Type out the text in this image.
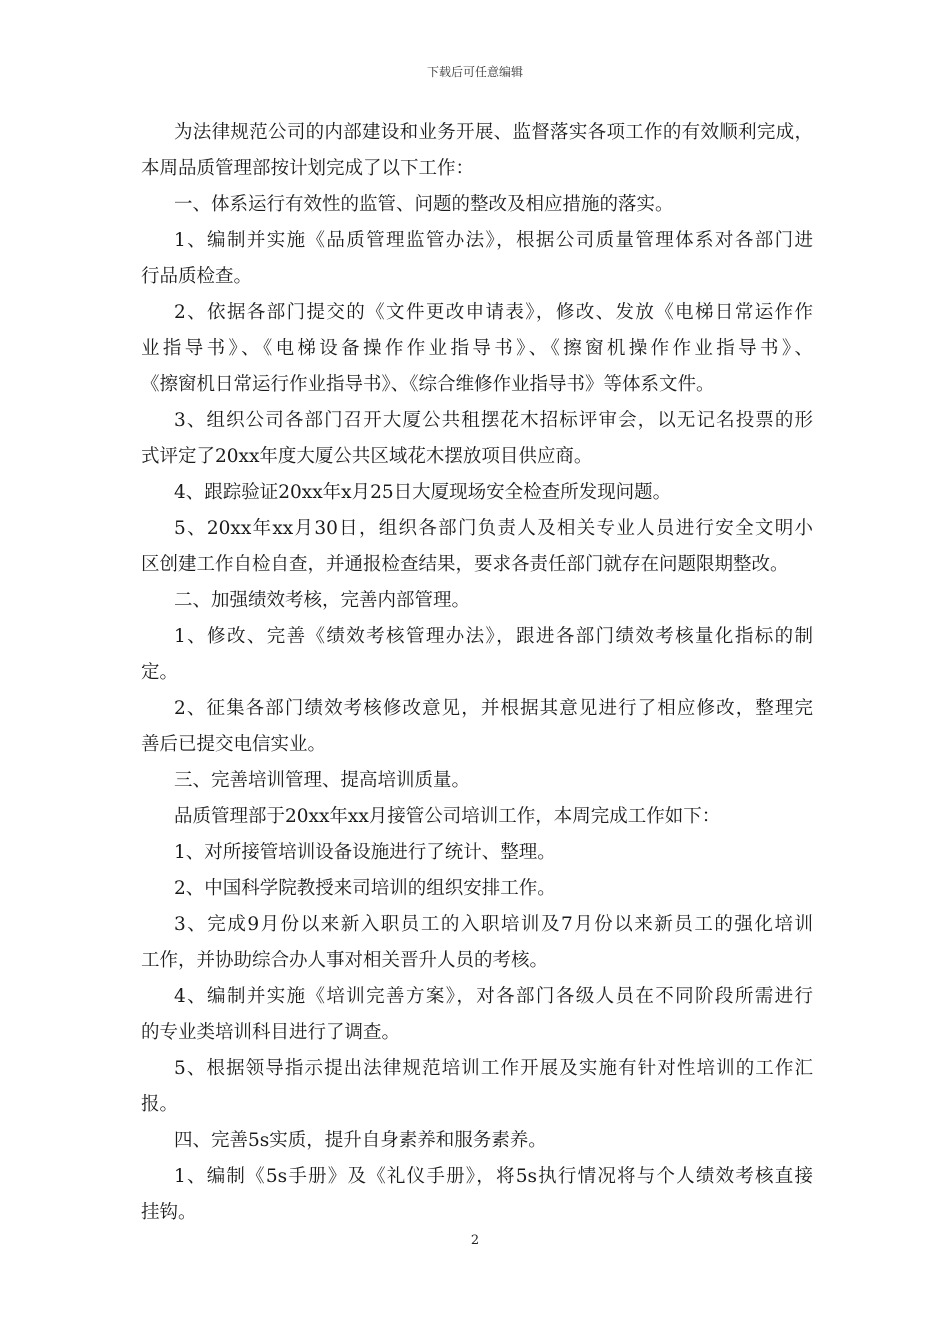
下载后可任意编辑
为法律规范公司的内部建设和业务开展、监督落实各项工作的有效顺利完成，
本周品质管理部按计划完成了以下工作：
一、体系运行有效性的监管、问题的整改及相应措施的落实。
1、编制并实施《品质管理监管办法》，根据公司质量管理体系对各部门进
行品质检查。
2、依据各部门提交的《文件更改申请表》，修改、发放《电梯日常运作作
业指导书》、《电梯设备操作作业指导书》、《擦窗机操作作业指导书》、
《擦窗机日常运行作业指导书》、《综合维修作业指导书》等体系文件。
3、组织公司各部门召开大厦公共租摆花木招标评审会，以无记名投票的形
式评定了20xx年度大厦公共区域花木摆放项目供应商。
4、跟踪验证20xx年x月25日大厦现场安全检查所发现问题。
5、20xx年xx月30日，组织各部门负责人及相关专业人员进行安全文明小
区创建工作自检自查，并通报检查结果，要求各责任部门就存在问题限期整改。
二、加强绩效考核，完善内部管理。
1、修改、完善《绩效考核管理办法》，跟进各部门绩效考核量化指标的制
定。
2、征集各部门绩效考核修改意见，并根据其意见进行了相应修改，整理完
善后已提交电信实业。
三、完善培训管理、提高培训质量。
品质管理部于20xx年xx月接管公司培训工作，本周完成工作如下：
1、对所接管培训设备设施进行了统计、整理。
2、中国科学院教授来司培训的组织安排工作。
3、完成9月份以来新入职员工的入职培训及7月份以来新员工的强化培训
工作，并协助综合办人事对相关晋升人员的考核。
4、编制并实施《培训完善方案》，对各部门各级人员在不同阶段所需进行
的专业类培训科目进行了调查。
5、根据领导指示提出法律规范培训工作开展及实施有针对性培训的工作汇
报。
四、完善5s实质，提升自身素养和服务素养。
1、编制《5s手册》及《礼仪手册》，将5s执行情况将与个人绩效考核直接
挂钩。
2
